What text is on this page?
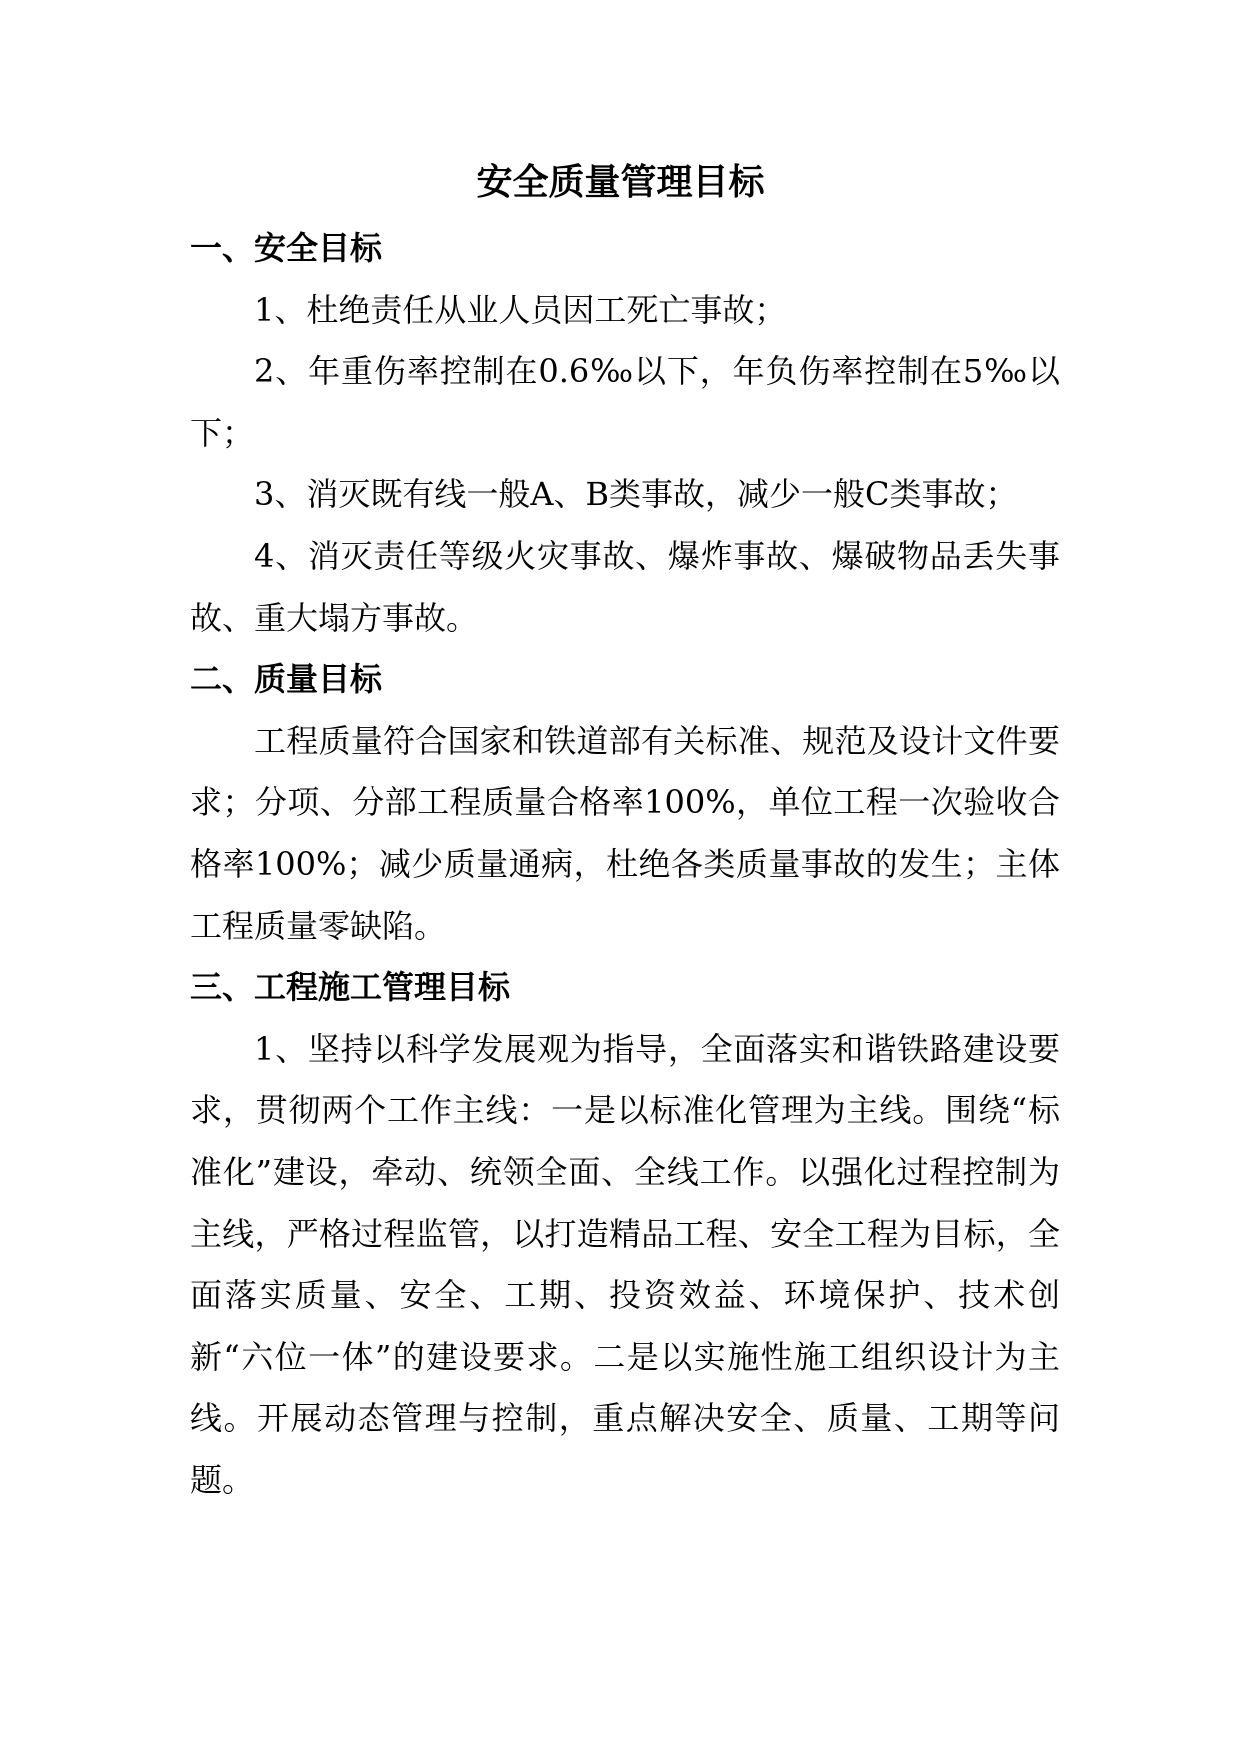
安全质量管理目标
一、安全目标

1、杜绝责任从业人员因工死亡事故；

2、年重伤率控制在0.6‰以下，年负伤率控制在5‰以下；

3、消灭既有线一般A、B类事故，减少一般C类事故；

4、消灭责任等级火灾事故、爆炸事故、爆破物品丢失事故、重大塌方事故。

二、质量目标

工程质量符合国家和铁道部有关标准、规范及设计文件要求；分项、分部工程质量合格率100%，单位工程一次验收合格率100%；减少质量通病，杜绝各类质量事故的发生；主体工程质量零缺陷。

三、工程施工管理目标

1、坚持以科学发展观为指导，全面落实和谐铁路建设要求，贯彻两个工作主线：一是以标准化管理为主线。围绕“标准化”建设，牵动、统领全面、全线工作。以强化过程控制为主线，严格过程监管，以打造精品工程、安全工程为目标，全面落实质量、安全、工期、投资效益、环境保护、技术创新“六位一体”的建设要求。二是以实施性施工组织设计为主线。开展动态管理与控制，重点解决安全、质量、工期等问题。
